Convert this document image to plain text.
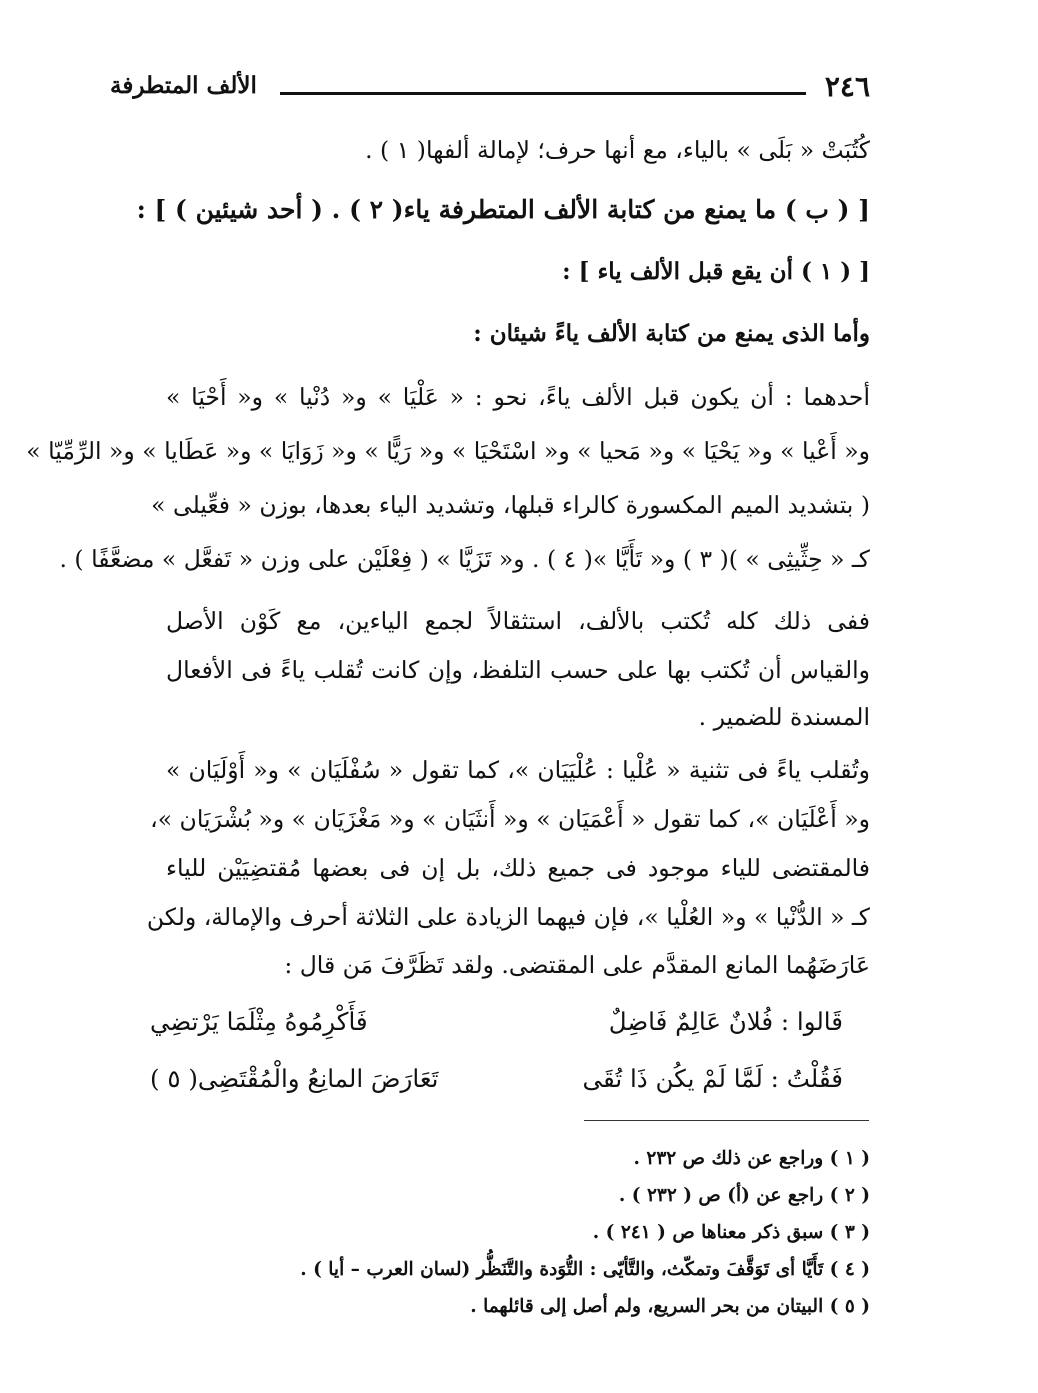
٢٤٦
الألف المتطرفة
كُتُبَتْ « بَلَى » بالياء، مع أنها حرف؛ لإمالة ألفها( ١ ) .
[ ( ب ) ما يمنع من كتابة الألف المتطرفة ياء( ٢ ) . ( أحد شيئين ) ] :
[ ( ١ ) أن يقع قبل الألف ياء ] :
وأما الذى يمنع من كتابة الألف ياءً شيئان :
أحدهما : أن يكون قبل الألف ياءً، نحو : « عَلْيَا » و« دُنْيا » و« أَحْيَا »
و« أَعْيا » و« يَحْيَا » و« مَحيا » و« اسْتَحْيَا » و« رَيًّا » و« زَوَايَا » و« عَطَايا » و« الرِّمِّيّا »
( بتشديد الميم المكسورة كالراء قبلها، وتشديد الياء بعدها، بوزن « فعِّيلى »
كـ « حِثِّيثِى » )( ٣ ) و« تَأَيَّا »( ٤ ) . و« تَزَيَّا » ( فِعْلَيْن على وزن « تَفعَّل » مضعَّفًا ) .
ففى ذلك كله تُكتب بالألف، استثقالاً لجمع الياءين، مع كَوْن الأصل
والقياس أن تُكتب بها على حسب التلفظ، وإن كانت تُقلب ياءً فى الأفعال
المسندة للضمير .
وتُقلب ياءً فى تثنية « عُلْيا : عُلْيَيَان »، كما تقول « سُفْلَيَان » و« أَوْلَيَان »
و« أَعْلَيَان »، كما تقول « أَعْمَيَان » و« أَنثَيَان » و« مَغْزَيَان » و« بُشْرَيَان »،
فالمقتضى للياء موجود فى جميع ذلك، بل إن فى بعضها مُقتضِيَيْن للياء
كـ « الدُّنْيا » و« العُلْيا »، فإن فيهما الزيادة على الثلاثة أحرف والإمالة، ولكن
عَارَضَهُما المانع المقدَّم على المقتضى. ولقد تَظَرَّفَ مَن قال :
قَالوا : فُلانٌ عَالِمٌ فَاضِلٌ
فَأَكْرِمُوهُ مِثْلَمَا يَرْتضِي
فَقُلْتُ : لَمَّا لَمْ يكُن ذَا تُقَى
تَعَارَضَ المانِعُ والْمُقْتَضِى( ٥ )
( ١ ) وراجع عن ذلك ص ٢٣٢ .
( ٢ ) راجع عن (أ) ص ( ٢٣٢ ) .
( ٣ ) سبق ذكر معناها ص ( ٢٤١ ) .
( ٤ ) تَأَيَّا أى تَوَقَّفَ وتمكّث، والتَّأيّى : التُّوَدة والتَّنَظُّر (لسان العرب – أيا ) .
( ٥ ) البيتان من بحر السريع، ولم أصل إلى قائلهما .
